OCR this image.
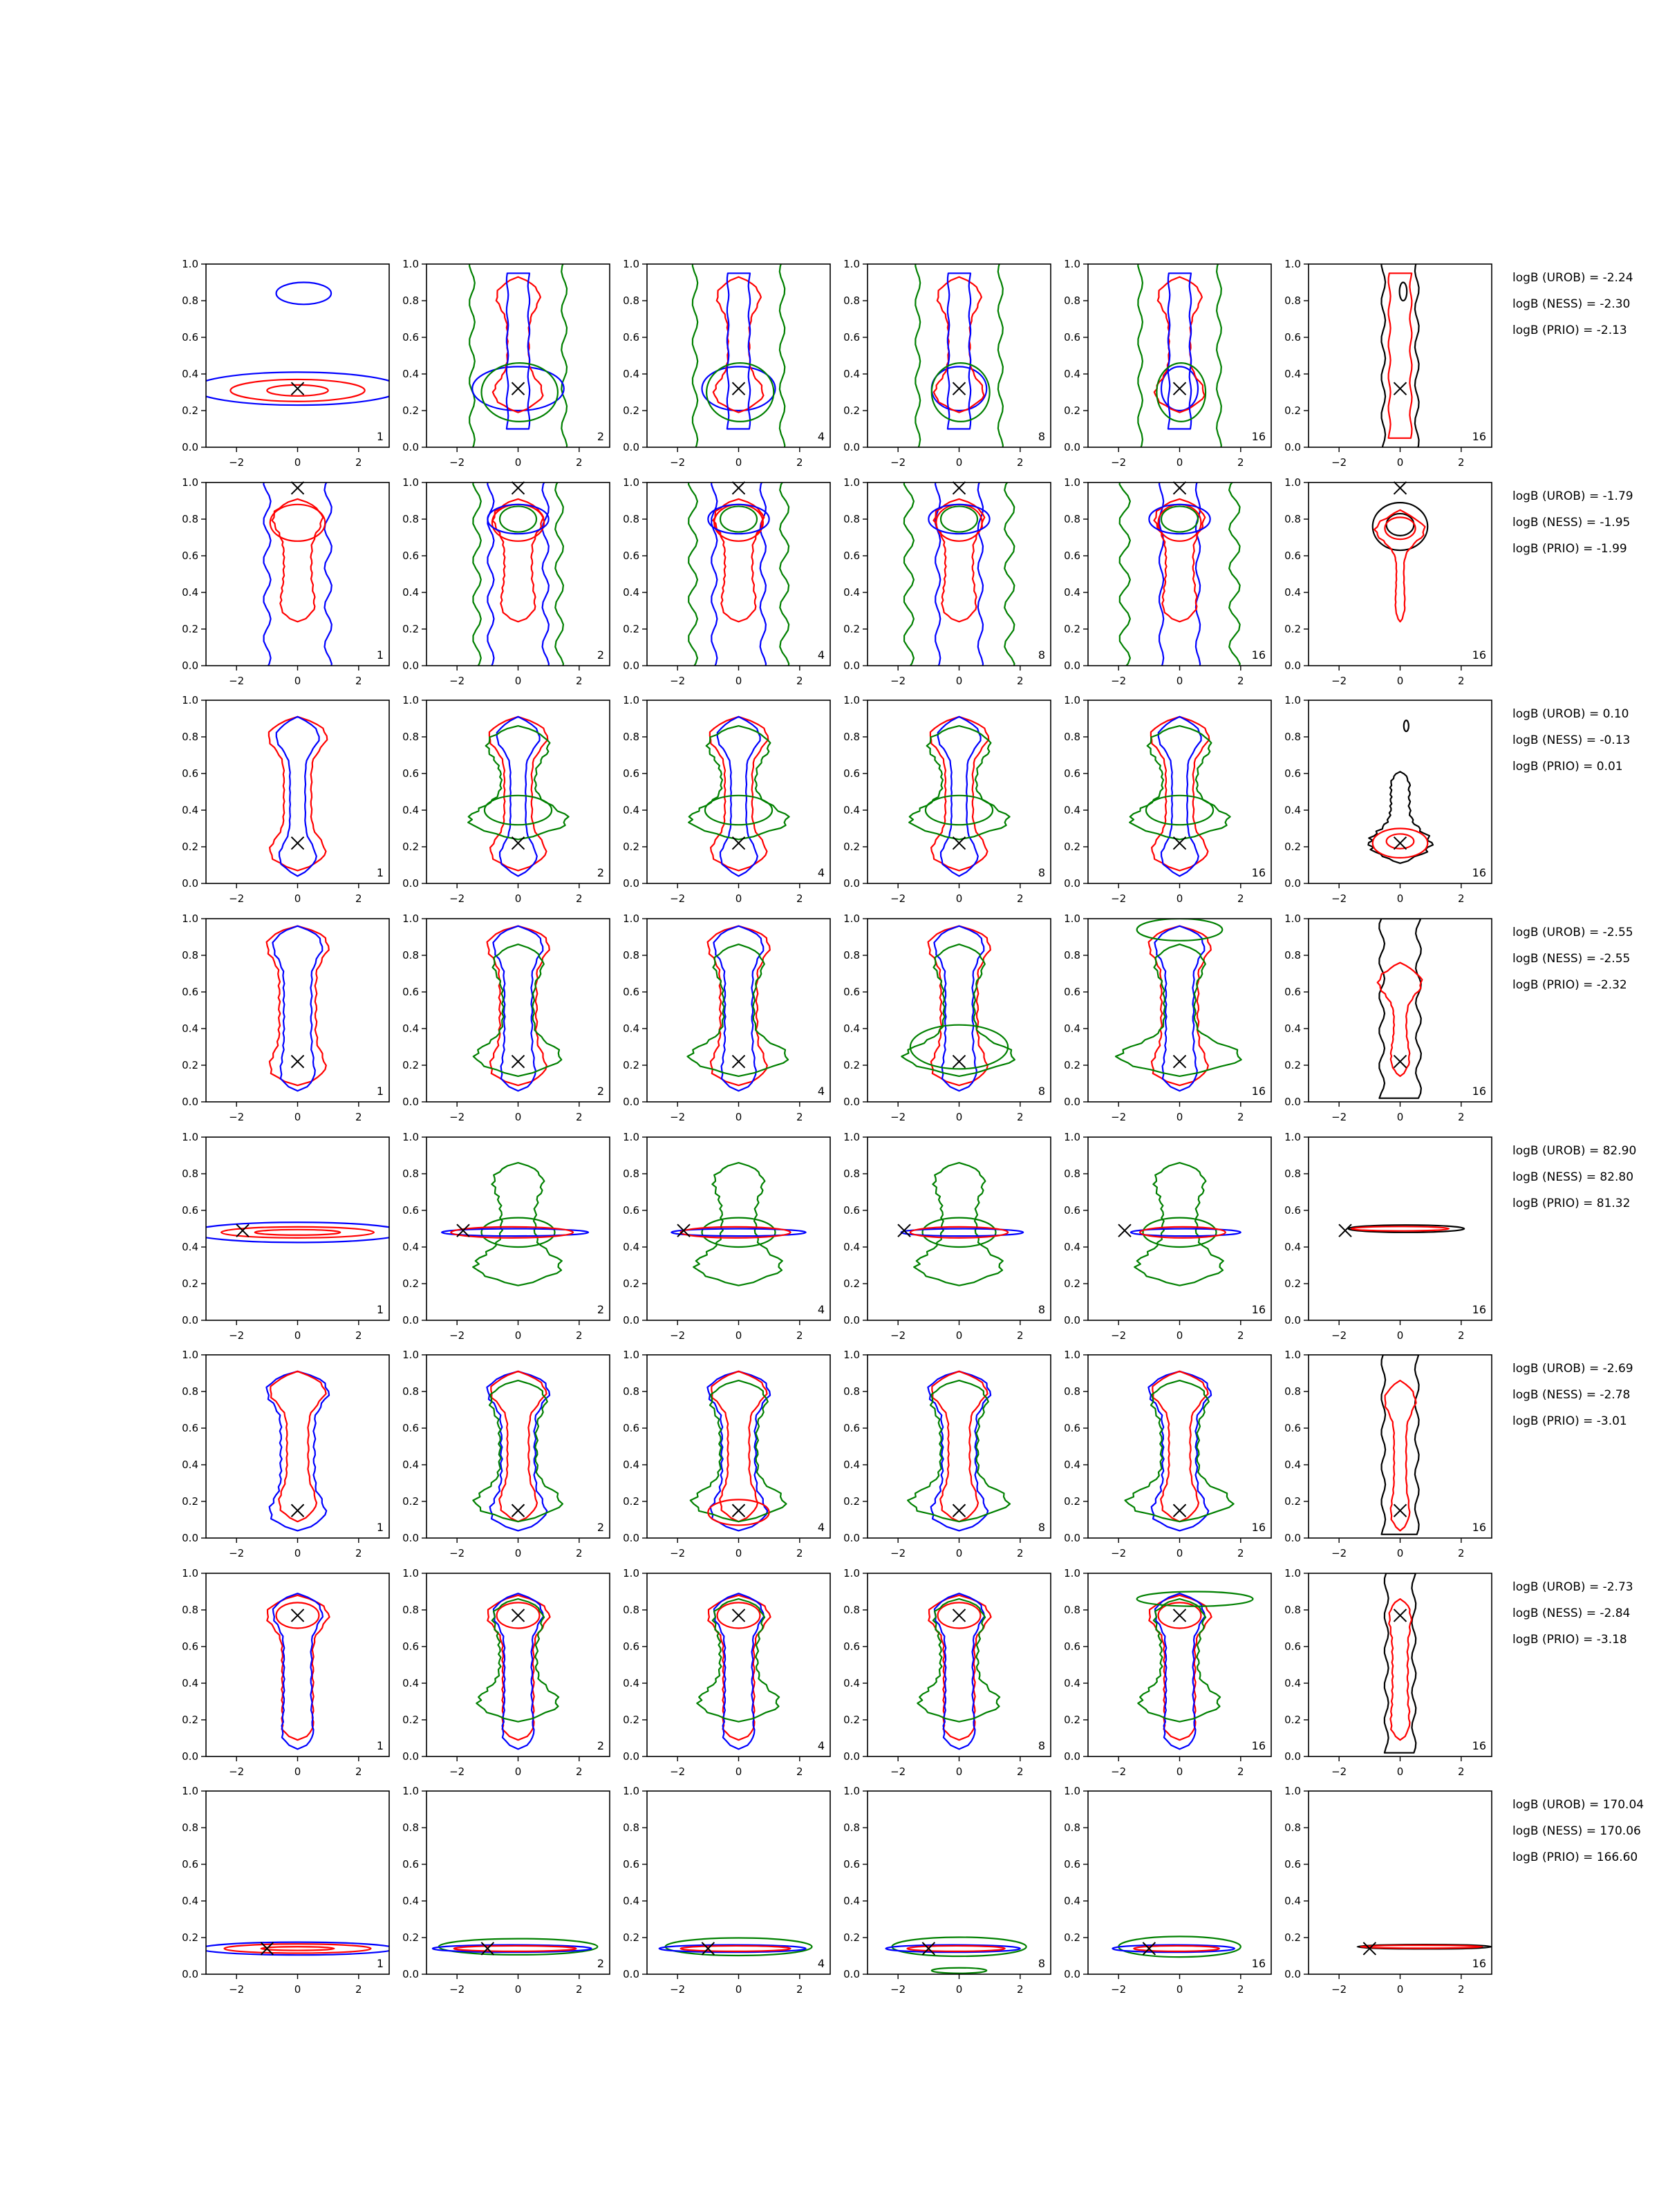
−2	0	2
0.0
0.2
0.4
0.6
0.8
1.0
1
−2	0	2
0.0
0.2
0.4
0.6
0.8
1.0
2
−2	0	2
0.0
0.2
0.4
0.6
0.8
1.0
4
−2	0	2
0.0
0.2
0.4
0.6
0.8
1.0
8
−2	0	2
0.0
0.2
0.4
0.6
0.8
1.0
16
−2	0	2
0.0
0.2
0.4
0.6
0.8
1.0
16
logB (UROB) = -2.24
logB (NESS) = -2.30
logB (PRIO) = -2.13
−2	0	2
0.0
0.2
0.4
0.6
0.8
1.0
1
−2	0	2
0.0
0.2
0.4
0.6
0.8
1.0
2
−2	0	2
0.0
0.2
0.4
0.6
0.8
1.0
4
−2	0	2
0.0
0.2
0.4
0.6
0.8
1.0
8
−2	0	2
0.0
0.2
0.4
0.6
0.8
1.0
16
−2	0	2
0.0
0.2
0.4
0.6
0.8
1.0
16
logB (UROB) = -1.79
logB (NESS) = -1.95
logB (PRIO) = -1.99
−2	0	2
0.0
0.2
0.4
0.6
0.8
1.0
1
−2	0	2
0.0
0.2
0.4
0.6
0.8
1.0
2
−2	0	2
0.0
0.2
0.4
0.6
0.8
1.0
4
−2	0	2
0.0
0.2
0.4
0.6
0.8
1.0
8
−2	0	2
0.0
0.2
0.4
0.6
0.8
1.0
16
−2	0	2
0.0
0.2
0.4
0.6
0.8
1.0
16
logB (UROB) = 0.10
logB (NESS) = -0.13
logB (PRIO) = 0.01
−2	0	2
0.0
0.2
0.4
0.6
0.8
1.0
1
−2	0	2
0.0
0.2
0.4
0.6
0.8
1.0
2
−2	0	2
0.0
0.2
0.4
0.6
0.8
1.0
4
−2	0	2
0.0
0.2
0.4
0.6
0.8
1.0
8
−2	0	2
0.0
0.2
0.4
0.6
0.8
1.0
16
−2	0	2
0.0
0.2
0.4
0.6
0.8
1.0
16
logB (UROB) = -2.55
logB (NESS) = -2.55
logB (PRIO) = -2.32
−2	0	2
0.0
0.2
0.4
0.6
0.8
1.0
1
−2	0	2
0.0
0.2
0.4
0.6
0.8
1.0
2
−2	0	2
0.0
0.2
0.4
0.6
0.8
1.0
4
−2	0	2
0.0
0.2
0.4
0.6
0.8
1.0
8
−2	0	2
0.0
0.2
0.4
0.6
0.8
1.0
16
−2	0	2
0.0
0.2
0.4
0.6
0.8
1.0
16
logB (UROB) = 82.90
logB (NESS) = 82.80
logB (PRIO) = 81.32
−2	0	2
0.0
0.2
0.4
0.6
0.8
1.0
1
−2	0	2
0.0
0.2
0.4
0.6
0.8
1.0
2
−2	0	2
0.0
0.2
0.4
0.6
0.8
1.0
4
−2	0	2
0.0
0.2
0.4
0.6
0.8
1.0
8
−2	0	2
0.0
0.2
0.4
0.6
0.8
1.0
16
−2	0	2
0.0
0.2
0.4
0.6
0.8
1.0
16
logB (UROB) = -2.69
logB (NESS) = -2.78
logB (PRIO) = -3.01
−2	0	2
0.0
0.2
0.4
0.6
0.8
1.0
1
−2	0	2
0.0
0.2
0.4
0.6
0.8
1.0
2
−2	0	2
0.0
0.2
0.4
0.6
0.8
1.0
4
−2	0	2
0.0
0.2
0.4
0.6
0.8
1.0
8
−2	0	2
0.0
0.2
0.4
0.6
0.8
1.0
16
−2	0	2
0.0
0.2
0.4
0.6
0.8
1.0
16
logB (UROB) = -2.73
logB (NESS) = -2.84
logB (PRIO) = -3.18
−2	0	2
0.0
0.2
0.4
0.6
0.8
1.0
1
−2	0	2
0.0
0.2
0.4
0.6
0.8
1.0
2
−2	0	2
0.0
0.2
0.4
0.6
0.8
1.0
4
−2	0	2
0.0
0.2
0.4
0.6
0.8
1.0
8
−2	0	2
0.0
0.2
0.4
0.6
0.8
1.0
16
−2	0	2
0.0
0.2
0.4
0.6
0.8
1.0
16
logB (UROB) = 170.04
logB (NESS) = 170.06
logB (PRIO) = 166.60
